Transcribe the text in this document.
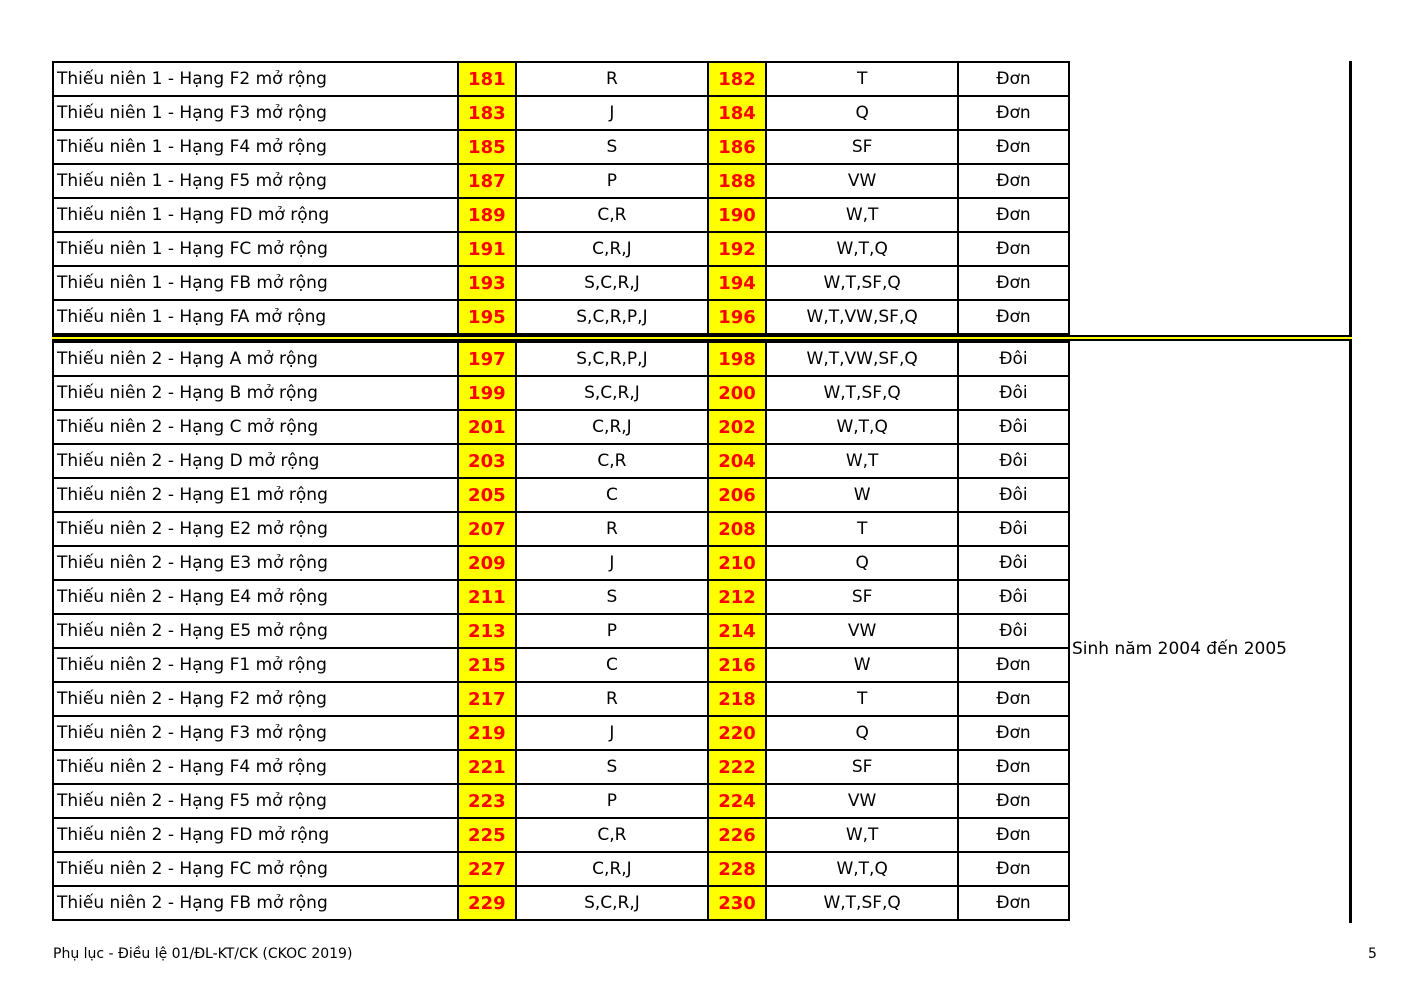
Thiếu niên 1 - Hạng F2 mở rộng	181	R	182	T	Đơn
Thiếu niên 1 - Hạng F3 mở rộng	183	J	184	Q	Đơn
Thiếu niên 1 - Hạng F4 mở rộng	185	S	186	SF	Đơn
Thiếu niên 1 - Hạng F5 mở rộng	187	P	188	VW	Đơn
Thiếu niên 1 - Hạng FD mở rộng	189	C,R	190	W,T	Đơn
Thiếu niên 1 - Hạng FC mở rộng	191	C,R,J	192	W,T,Q	Đơn
Thiếu niên 1 - Hạng FB mở rộng	193	S,C,R,J	194	W,T,SF,Q	Đơn
Thiếu niên 1 - Hạng FA mở rộng	195	S,C,R,P,J	196	W,T,VW,SF,Q	Đơn
Thiếu niên 2 - Hạng A mở rộng	197	S,C,R,P,J	198	W,T,VW,SF,Q	Đôi
Thiếu niên 2 - Hạng B mở rộng	199	S,C,R,J	200	W,T,SF,Q	Đôi
Thiếu niên 2 - Hạng C mở rộng	201	C,R,J	202	W,T,Q	Đôi
Thiếu niên 2 - Hạng D mở rộng	203	C,R	204	W,T	Đôi
Thiếu niên 2 - Hạng E1 mở rộng	205	C	206	W	Đôi
Thiếu niên 2 - Hạng E2 mở rộng	207	R	208	T	Đôi
Thiếu niên 2 - Hạng E3 mở rộng	209	J	210	Q	Đôi
Thiếu niên 2 - Hạng E4 mở rộng	211	S	212	SF	Đôi
Thiếu niên 2 - Hạng E5 mở rộng	213	P	214	VW	Đôi
Thiếu niên 2 - Hạng F1 mở rộng	215	C	216	W	Đơn
Thiếu niên 2 - Hạng F2 mở rộng	217	R	218	T	Đơn
Thiếu niên 2 - Hạng F3 mở rộng	219	J	220	Q	Đơn
Thiếu niên 2 - Hạng F4 mở rộng	221	S	222	SF	Đơn
Thiếu niên 2 - Hạng F5 mở rộng	223	P	224	VW	Đơn
Thiếu niên 2 - Hạng FD mở rộng	225	C,R	226	W,T	Đơn
Thiếu niên 2 - Hạng FC mở rộng	227	C,R,J	228	W,T,Q	Đơn
Thiếu niên 2 - Hạng FB mở rộng	229	S,C,R,J	230	W,T,SF,Q	Đơn
Sinh năm 2004 đến 2005
Phụ lục - Điều lệ 01/ĐL-KT/CK (CKOC 2019)	5
